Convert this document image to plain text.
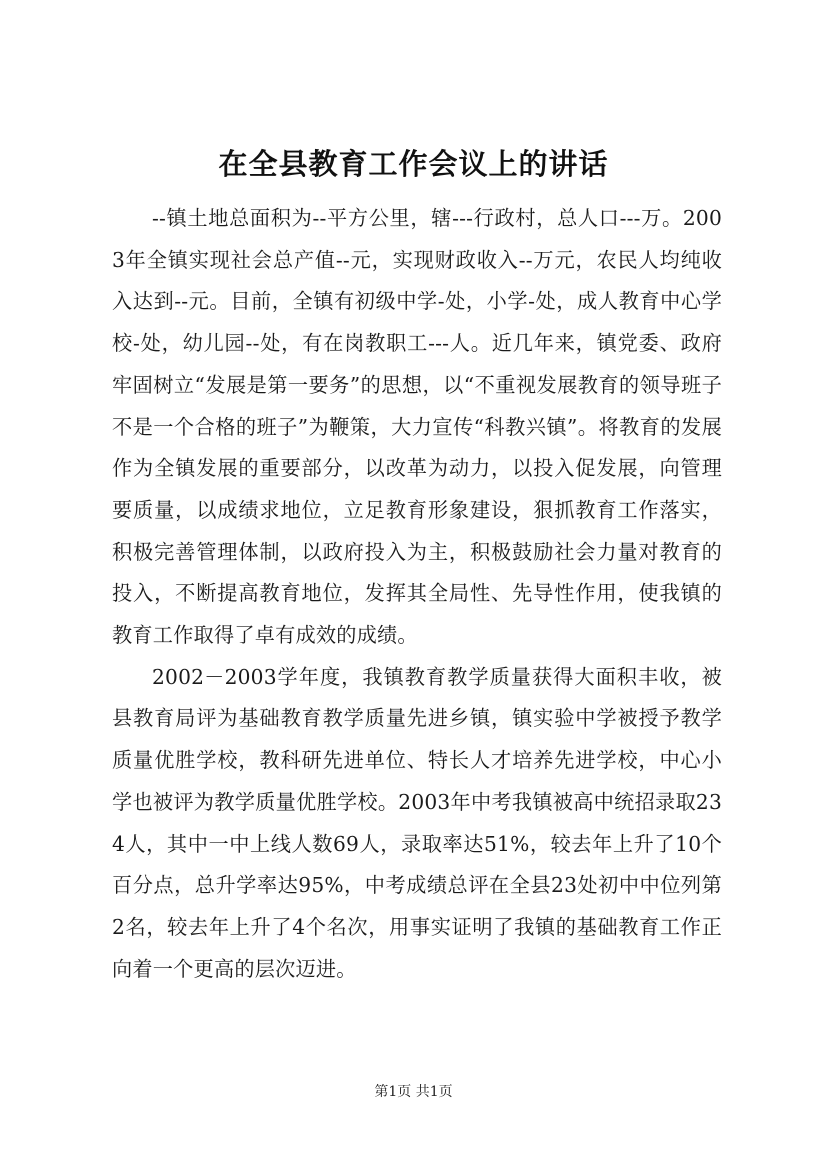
在全县教育工作会议上的讲话

--镇土地总面积为--平方公里，辖---行政村，总人口---万。2003年全镇实现社会总产值--元，实现财政收入--万元，农民人均纯收入达到--元。目前，全镇有初级中学-处，小学-处，成人教育中心学校-处，幼儿园--处，有在岗教职工---人。近几年来，镇党委、政府牢固树立“发展是第一要务”的思想，以“不重视发展教育的领导班子不是一个合格的班子”为鞭策，大力宣传“科教兴镇”。将教育的发展作为全镇发展的重要部分，以改革为动力，以投入促发展，向管理要质量，以成绩求地位，立足教育形象建设，狠抓教育工作落实，积极完善管理体制，以政府投入为主，积极鼓励社会力量对教育的投入，不断提高教育地位，发挥其全局性、先导性作用，使我镇的教育工作取得了卓有成效的成绩。

2002－2003学年度，我镇教育教学质量获得大面积丰收，被县教育局评为基础教育教学质量先进乡镇，镇实验中学被授予教学质量优胜学校，教科研先进单位、特长人才培养先进学校，中心小学也被评为教学质量优胜学校。2003年中考我镇被高中统招录取234人，其中一中上线人数69人，录取率达51%，较去年上升了10个百分点，总升学率达95%，中考成绩总评在全县23处初中中位列第2名，较去年上升了4个名次，用事实证明了我镇的基础教育工作正向着一个更高的层次迈进。

第1页 共1页
